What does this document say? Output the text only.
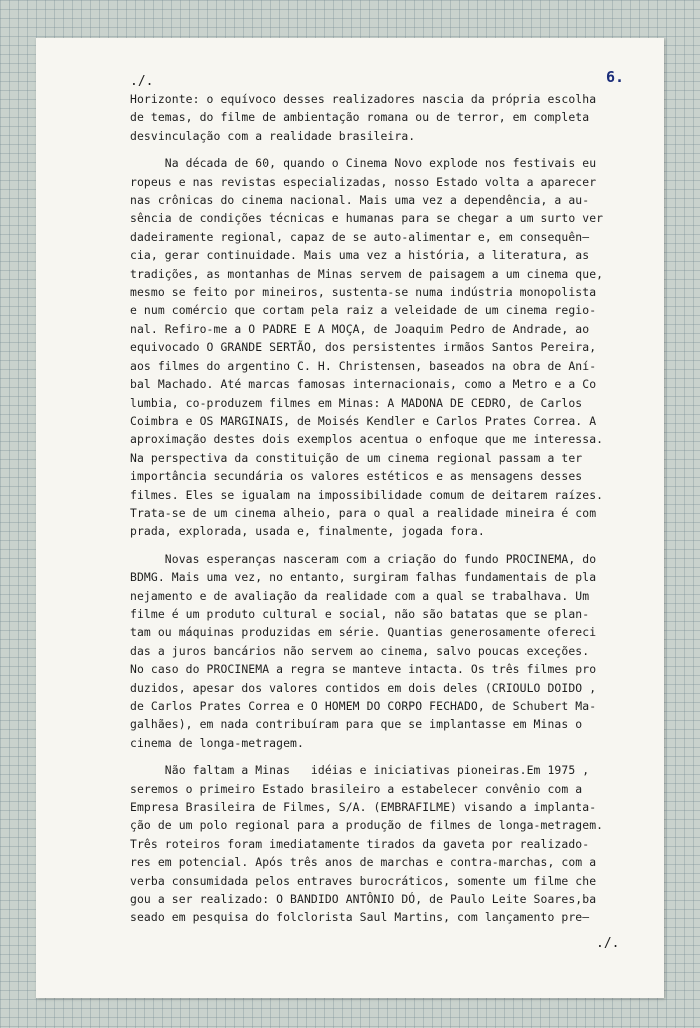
./.	6.

Horizonte: o equívoco desses realizadores nascia da própria escolha
de temas, do filme de ambientação romana ou de terror, em completa
desvinculação com a realidade brasileira.

Na década de 60, quando o Cinema Novo explode nos festivais eu
ropeus e nas revistas especializadas, nosso Estado volta a aparecer
nas crônicas do cinema nacional. Mais uma vez a dependência, a au-
sência de condições técnicas e humanas para se chegar a um surto ver
dadeiramente regional, capaz de se auto-alimentar e, em consequên—
cia, gerar continuidade. Mais uma vez a história, a literatura, as
tradições, as montanhas de Minas servem de paisagem a um cinema que,
mesmo se feito por mineiros, sustenta-se numa indústria monopolista
e num comércio que cortam pela raiz a veleidade de um cinema regio-
nal. Refiro-me a O PADRE E A MOÇA, de Joaquim Pedro de Andrade, ao
equivocado O GRANDE SERTÃO, dos persistentes irmãos Santos Pereira,
aos filmes do argentino C. H. Christensen, baseados na obra de Aní-
bal Machado. Até marcas famosas internacionais, como a Metro e a Co
lumbia, co-produzem filmes em Minas: A MADONA DE CEDRO, de Carlos
Coimbra e OS MARGINAIS, de Moisés Kendler e Carlos Prates Correa. A
aproximação destes dois exemplos acentua o enfoque que me interessa.
Na perspectiva da constituição de um cinema regional passam a ter
importância secundária os valores estéticos e as mensagens desses
filmes. Eles se igualam na impossibilidade comum de deitarem raízes.
Trata-se de um cinema alheio, para o qual a realidade mineira é com
prada, explorada, usada e, finalmente, jogada fora.

Novas esperanças nasceram com a criação do fundo PROCINEMA, do
BDMG. Mais uma vez, no entanto, surgiram falhas fundamentais de pla
nejamento e de avaliação da realidade com a qual se trabalhava. Um
filme é um produto cultural e social, não são batatas que se plan-
tam ou máquinas produzidas em série. Quantias generosamente ofereci
das a juros bancários não servem ao cinema, salvo poucas exceções.
No caso do PROCINEMA a regra se manteve intacta. Os três filmes pro
duzidos, apesar dos valores contidos em dois deles (CRIOULO DOIDO ,
de Carlos Prates Correa e O HOMEM DO CORPO FECHADO, de Schubert Ma-
galhães), em nada contribuíram para que se implantasse em Minas o
cinema de longa-metragem.

Não faltam a Minas   idéias e iniciativas pioneiras.Em 1975 ,
seremos o primeiro Estado brasileiro a estabelecer convênio com a
Empresa Brasileira de Filmes, S/A. (EMBRAFILME) visando a implanta-
ção de um polo regional para a produção de filmes de longa-metragem.
Três roteiros foram imediatamente tirados da gaveta por realizado-
res em potencial. Após três anos de marchas e contra-marchas, com a
verba consumidada pelos entraves burocráticos, somente um filme che
gou a ser realizado: O BANDIDO ANTÔNIO DÓ, de Paulo Leite Soares,ba
seado em pesquisa do folclorista Saul Martins, com lançamento pre—

./.
